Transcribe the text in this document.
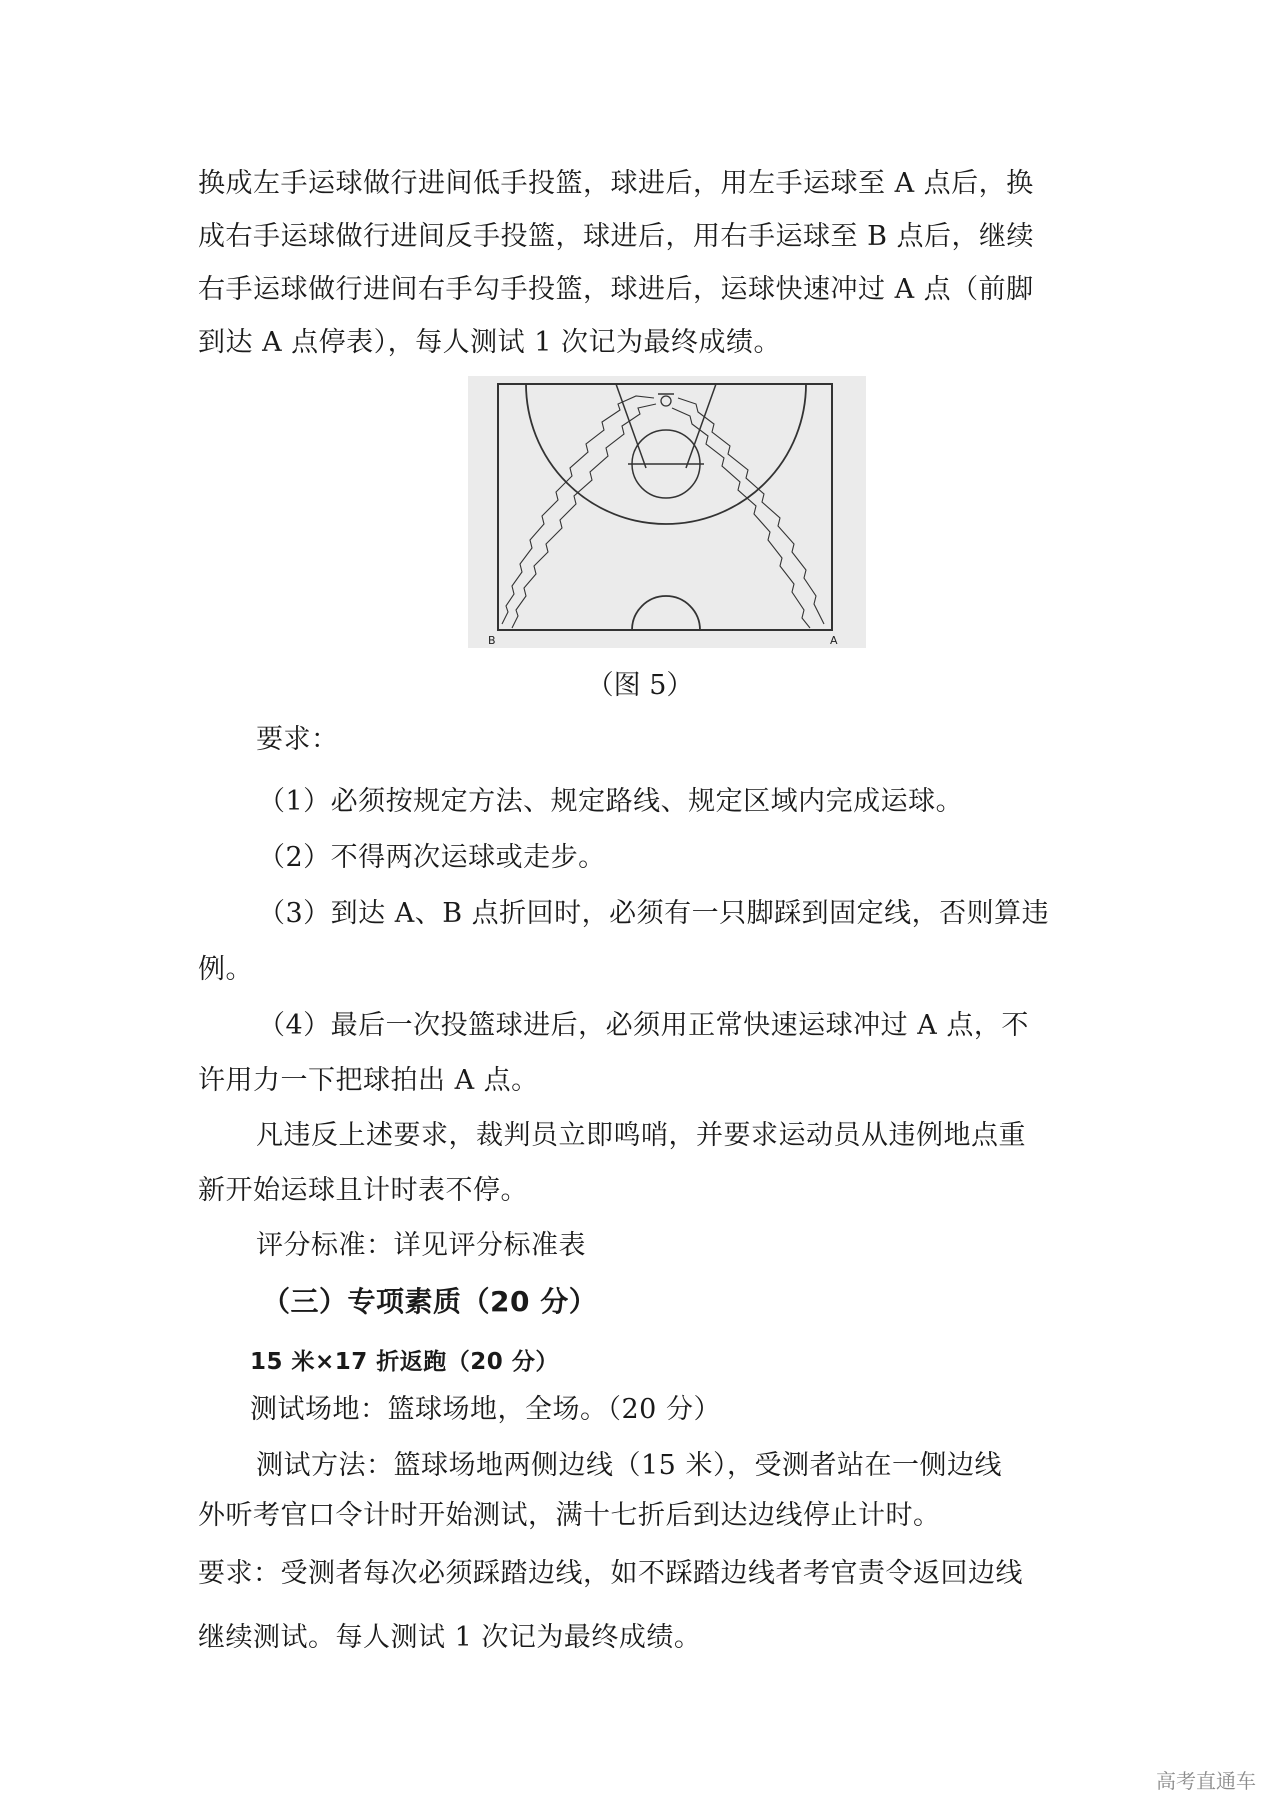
换成左手运球做行进间低手投篮，球进后，用左手运球至 A 点后，换
成右手运球做行进间反手投篮，球进后，用右手运球至 B 点后，继续
右手运球做行进间右手勾手投篮，球进后，运球快速冲过 A 点（前脚
到达 A 点停表），每人测试 1 次记为最终成绩。
B	A
（图 5）
要求：
（1）必须按规定方法、规定路线、规定区域内完成运球。
（2）不得两次运球或走步。
（3）到达 A、B 点折回时，必须有一只脚踩到固定线，否则算违
例。
（4）最后一次投篮球进后，必须用正常快速运球冲过 A 点，不
许用力一下把球拍出 A 点。
凡违反上述要求，裁判员立即鸣哨，并要求运动员从违例地点重
新开始运球且计时表不停。
评分标准：详见评分标准表
（三）专项素质（20 分）
15 米×17 折返跑（20 分）
测试场地：篮球场地，全场。（20 分）
测试方法：篮球场地两侧边线（15 米），受测者站在一侧边线
外听考官口令计时开始测试，满十七折后到达边线停止计时。
要求：受测者每次必须踩踏边线，如不踩踏边线者考官责令返回边线
继续测试。每人测试 1 次记为最终成绩。
高考直通车
